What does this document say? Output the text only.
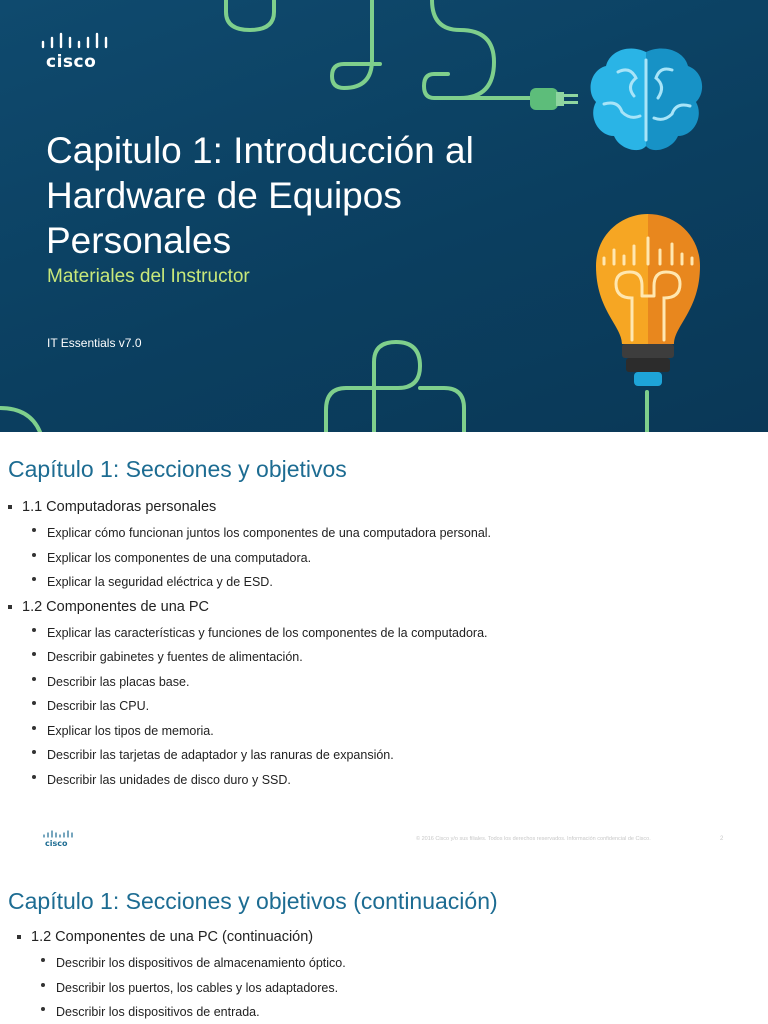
cisco
Capitulo 1: Introducción al Hardware de Equipos Personales
Materiales del Instructor
IT Essentials v7.0
Capítulo 1: Secciones y objetivos
1.1 Computadoras personales
Explicar cómo funcionan juntos los componentes de una computadora personal.
Explicar los componentes de una computadora.
Explicar la seguridad eléctrica y de ESD.
1.2 Componentes de una PC
Explicar las características y funciones de los componentes de la computadora.
Describir gabinetes y fuentes de alimentación.
Describir las placas base.
Describir las CPU.
Explicar los tipos de memoria.
Describir las tarjetas de adaptador y las ranuras de expansión.
Describir las unidades de disco duro y SSD.
cisco	© 2016 Cisco y/o sus filiales. Todos los derechos reservados. Información confidencial de Cisco.	2
Capítulo 1: Secciones y objetivos (continuación)
1.2 Componentes de una PC (continuación)
Describir los dispositivos de almacenamiento óptico.
Describir los puertos, los cables y los adaptadores.
Describir los dispositivos de entrada.
